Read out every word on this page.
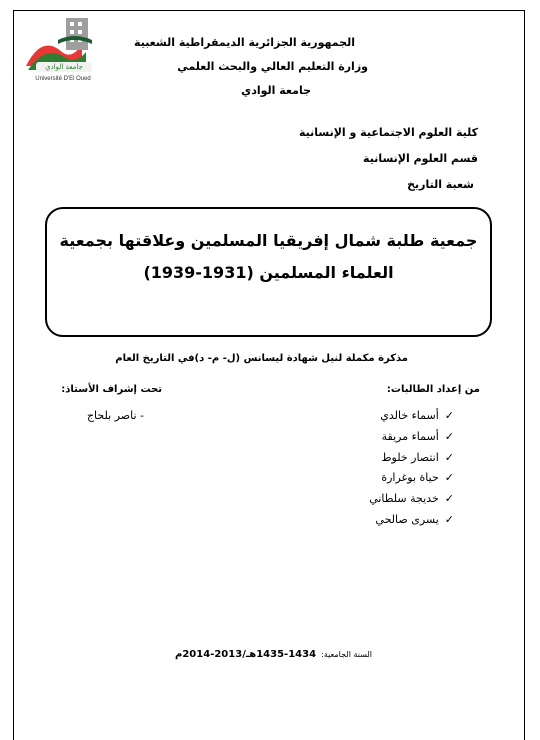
جامعة الوادي
Université D'El Oued
الجمهورية الجزائرية الديمقراطية الشعبية
وزارة التعليم العالي والبحث العلمي
جامعة الوادي
كلية العلوم الاجتماعية و الإنسانية
قسم العلوم الإنسانية
شعبة التاريخ
جمعية طلبة شمال إفريقيا المسلمين وعلاقتها بجمعية
العلماء المسلمين (1931-1939)
مذكرة مكملة لنيل شهادة ليسانس (ل- م- د)في التاريخ العام
من إعداد الطالبات:
تحت إشراف الأستاذ:
- ناصر بلحاج	✓أسماء خالدي
✓أسماء مريقة
✓انتصار خلوط
✓حياة بوغرارة
✓خديجة سلطاني
✓يسرى صالحي
السنة الجامعية: 1434-1435هـ/2013-2014م
